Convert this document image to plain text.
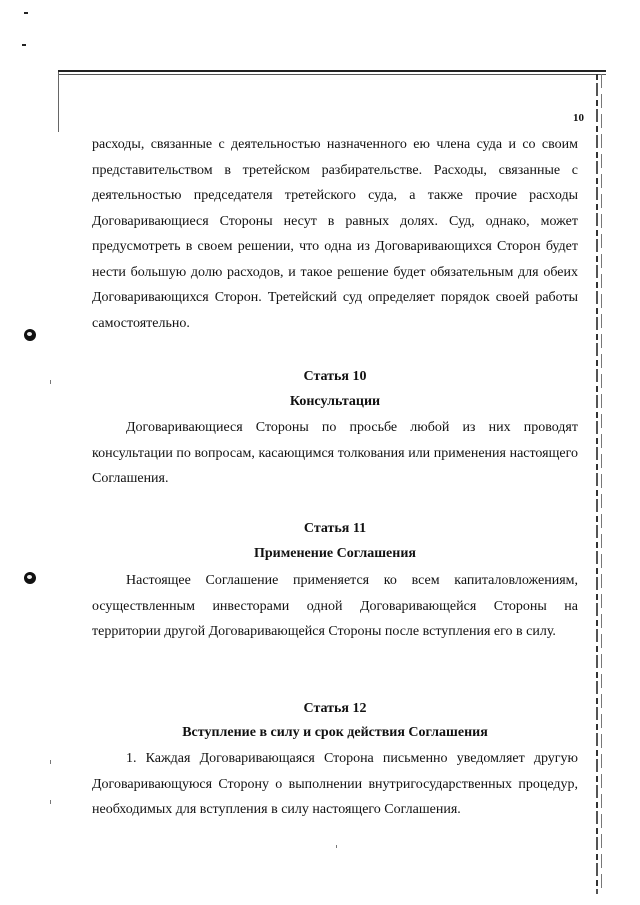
10

расходы, связанные с деятельностью назначенного ею члена суда и со своим представительством в третейском разбирательстве. Расходы, связанные с деятельностью председателя третейского суда, а также прочие расходы Договаривающиеся Стороны несут в равных долях. Суд, однако, может предусмотреть в своем решении, что одна из Договаривающихся Сторон будет нести большую долю расходов, и такое решение будет обязательным для обеих Договаривающихся Сторон. Третейский суд определяет порядок своей работы самостоятельно.

Статья 10
Консультации

Договаривающиеся Стороны по просьбе любой из них проводят консультации по вопросам, касающимся толкования или применения настоящего Соглашения.

Статья 11
Применение Соглашения

Настоящее Соглашение применяется ко всем капиталовложениям, осуществленным инвесторами одной Договаривающейся Стороны на территории другой Договаривающейся Стороны после вступления его в силу.

Статья 12
Вступление в силу и срок действия Соглашения

1. Каждая Договаривающаяся Сторона письменно уведомляет другую Договаривающуюся Сторону о выполнении внутригосударственных процедур, необходимых для вступления в силу настоящего Соглашения.
